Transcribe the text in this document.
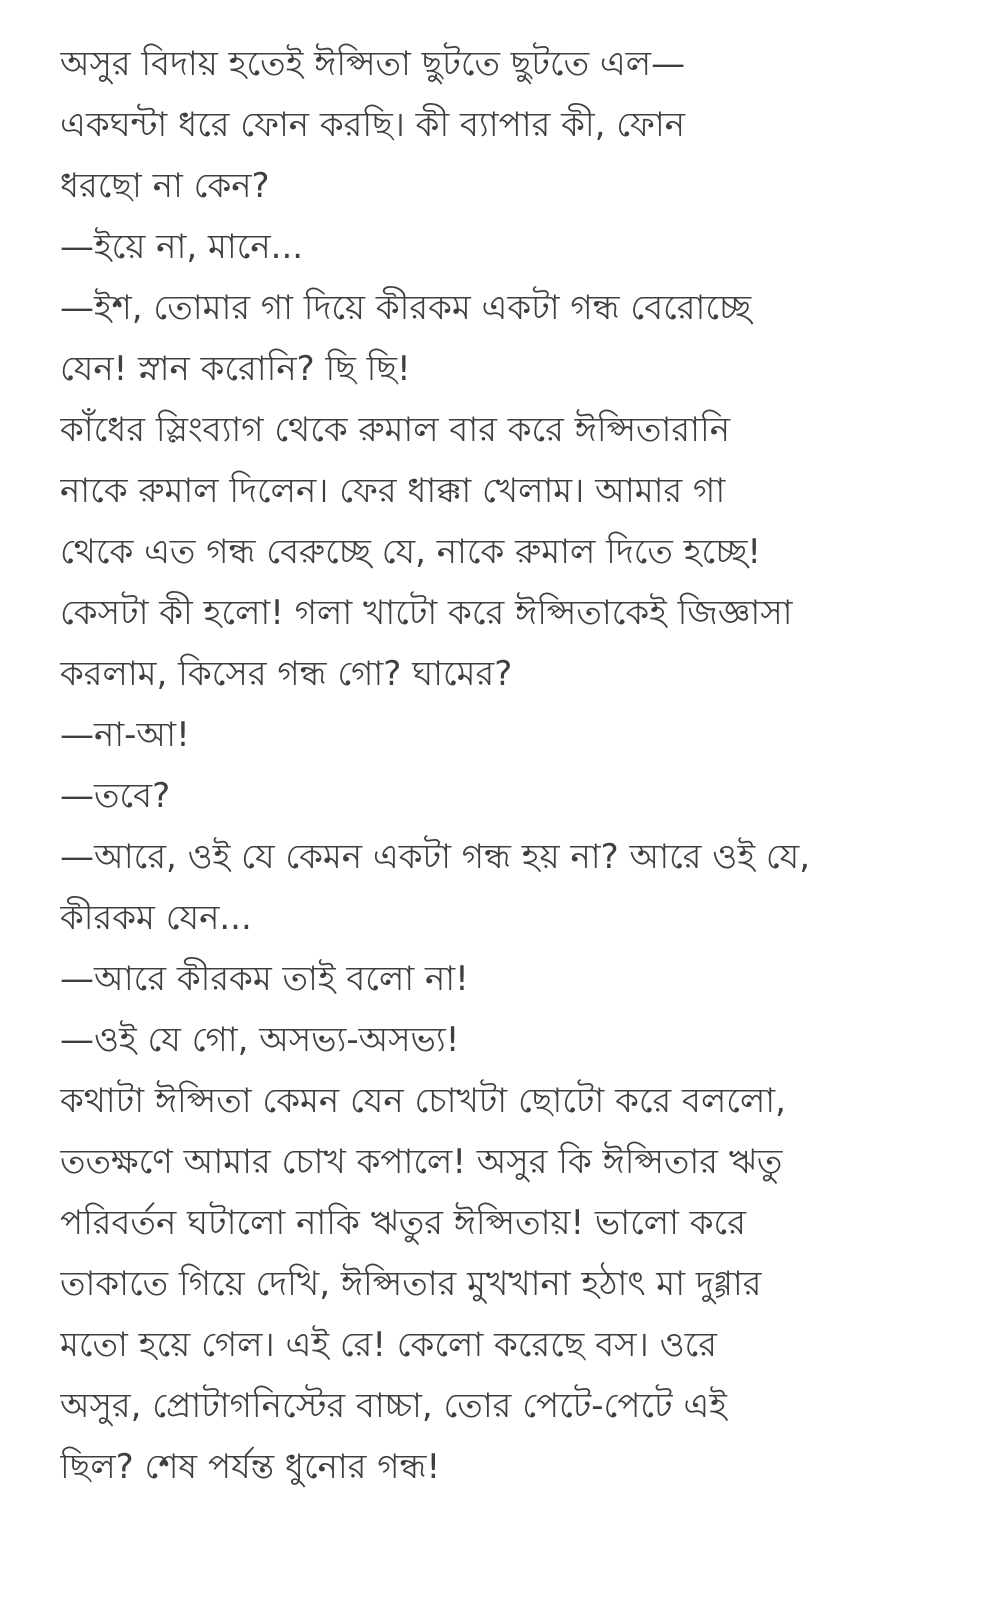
অসুর বিদায় হতেই ঈপ্সিতা ছুটতে ছুটতে এল—
একঘন্টা ধরে ফোন করছি। কী ব্যাপার কী, ফোন
ধরছো না কেন?
—ইয়ে না, মানে...
—ইশ, তোমার গা দিয়ে কীরকম একটা গন্ধ বেরোচ্ছে
যেন! স্নান করোনি? ছি ছি!
কাঁধের স্লিংব্যাগ থেকে রুমাল বার করে ঈপ্সিতারানি
নাকে রুমাল দিলেন। ফের ধাক্কা খেলাম। আমার গা
থেকে এত গন্ধ বেরুচ্ছে যে, নাকে রুমাল দিতে হচ্ছে!
কেসটা কী হলো! গলা খাটো করে ঈপ্সিতাকেই জিজ্ঞাসা
করলাম, কিসের গন্ধ গো? ঘামের?
—না-আ!
—তবে?
—আরে, ওই যে কেমন একটা গন্ধ হয় না? আরে ওই যে,
কীরকম যেন...
—আরে কীরকম তাই বলো না!
—ওই যে গো, অসভ্য-অসভ্য!
কথাটা ঈপ্সিতা কেমন যেন চোখটা ছোটো করে বললো,
ততক্ষণে আমার চোখ কপালে! অসুর কি ঈপ্সিতার ঋতু
পরিবর্তন ঘটালো নাকি ঋতুর ঈপ্সিতায়! ভালো করে
তাকাতে গিয়ে দেখি, ঈপ্সিতার মুখখানা হঠাৎ মা দুগ্গার
মতো হয়ে গেল। এই রে! কেলো করেছে বস। ওরে
অসুর, প্রোটাগনিস্টের বাচ্চা, তোর পেটে-পেটে এই
ছিল? শেষ পর্যন্ত ধুনোর গন্ধ!
